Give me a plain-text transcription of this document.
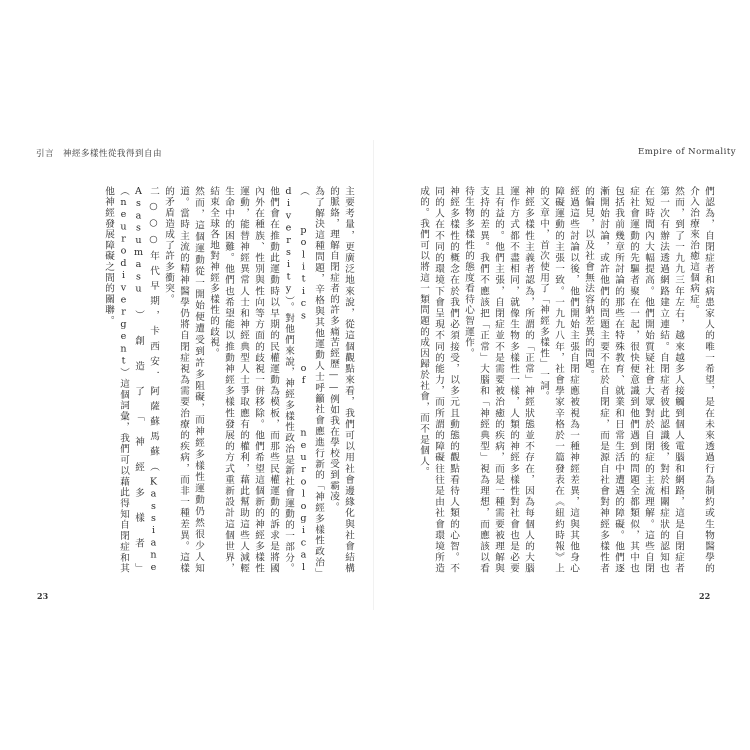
引言　神經多樣性從我得到自由	Empire of Normality

們認為，自閉症者和病患家人的唯一希望，是在未來透過行為制約或生物醫學的介入治療來治癒這個病症。

然而，到了一九九三年左右，越來越多人接觸到個人電腦和網路，這是自閉症者第一次有辦法透過網路建立連結。自閉症者彼此認識後，對於相關症狀的認知也在短時間內大幅提高。他們開始質疑社會大眾對於自閉症的主流理解。這些自閉症社會運動的先驅者聚在一起，很快便意識到他們遇到的問題全都類似，其中也包括我前幾章所討論的那些在特殊教育、就業和日常生活中遭遇的障礙。他們逐漸開始討論，或許他們的問題主要不在於自閉症，而是源自社會對神經多樣性者的偏見，以及社會無法容納差異的問題。

經過這些討論以後，他們開始主張自閉症應被視為一種神經差異，這與其他身心障礙運動的主張一致。一九九八年，社會學家辛格於一篇發表在《紐約時報》上的文章中，首次使用了「神經多樣性」一詞。

神經多樣性主義者認為，所謂的「正常」神經狀態並不存在，因為每個人的大腦運作方式都不盡相同，就像生物多樣性一樣，人類的神經多樣性對社會也是必要且有益的。他們主張，自閉症並不是需要被治癒的疾病，而是一種需要被理解與支持的差異。我們不應該把「正常」大腦和「神經典型」視為理想，而應該以看待生物多樣性的態度看待心智運作。

神經多樣性的概念在於我們必須接受，以多元且動態的觀點看待人類的心智。不同的人在不同的環境下會呈現不同的能力，而所謂的障礙往往是由社會環境所造成的。我們可以將這一類問題的成因歸於社會，而不是個人。

主要考量，更廣泛地來說，從這個觀點來看，我們可以用社會邊緣化與社會結構的脈絡，理解自閉症者的許多痛苦經歷——例如我在學校受到霸凌。

為了解決這種問題，辛格與其他運動人士呼籲社會應進行新的「神經多樣性政治」（politics of neurological diversity）。對他們來說，神經多樣性政治是新社會運動的一部分。他們會在推動此運動時以早期的民權運動為模板，而那些民權運動的訴求是將國內外在種族、性別與性向等方面的歧視一併移除。他們希望這個新的神經多樣性運動，能替神經異常人士和神經典型人士爭取應有的權利，藉此幫助這些人減輕生命中的困難。他們也希望能以推動神經多樣性發展的方式重新設計這個世界，結束全球各地對神經多樣性的歧視。

然而，這個運動從一開始便遭受到許多阻礙，而神經多樣性運動仍然很少人知道。當時主流的精神醫學仍將自閉症視為需要治療的疾病，而非一種差異。這樣的矛盾造成了許多衝突。

二○○○年代早期，卡西安．阿薩蘇馬蘇（Kassiane Asasumasu）創造了「神經多樣者」（neurodivergent）這個詞彙，我們可以藉此得知自閉症和其他神經發展障礙之間的關聯。

23	22
